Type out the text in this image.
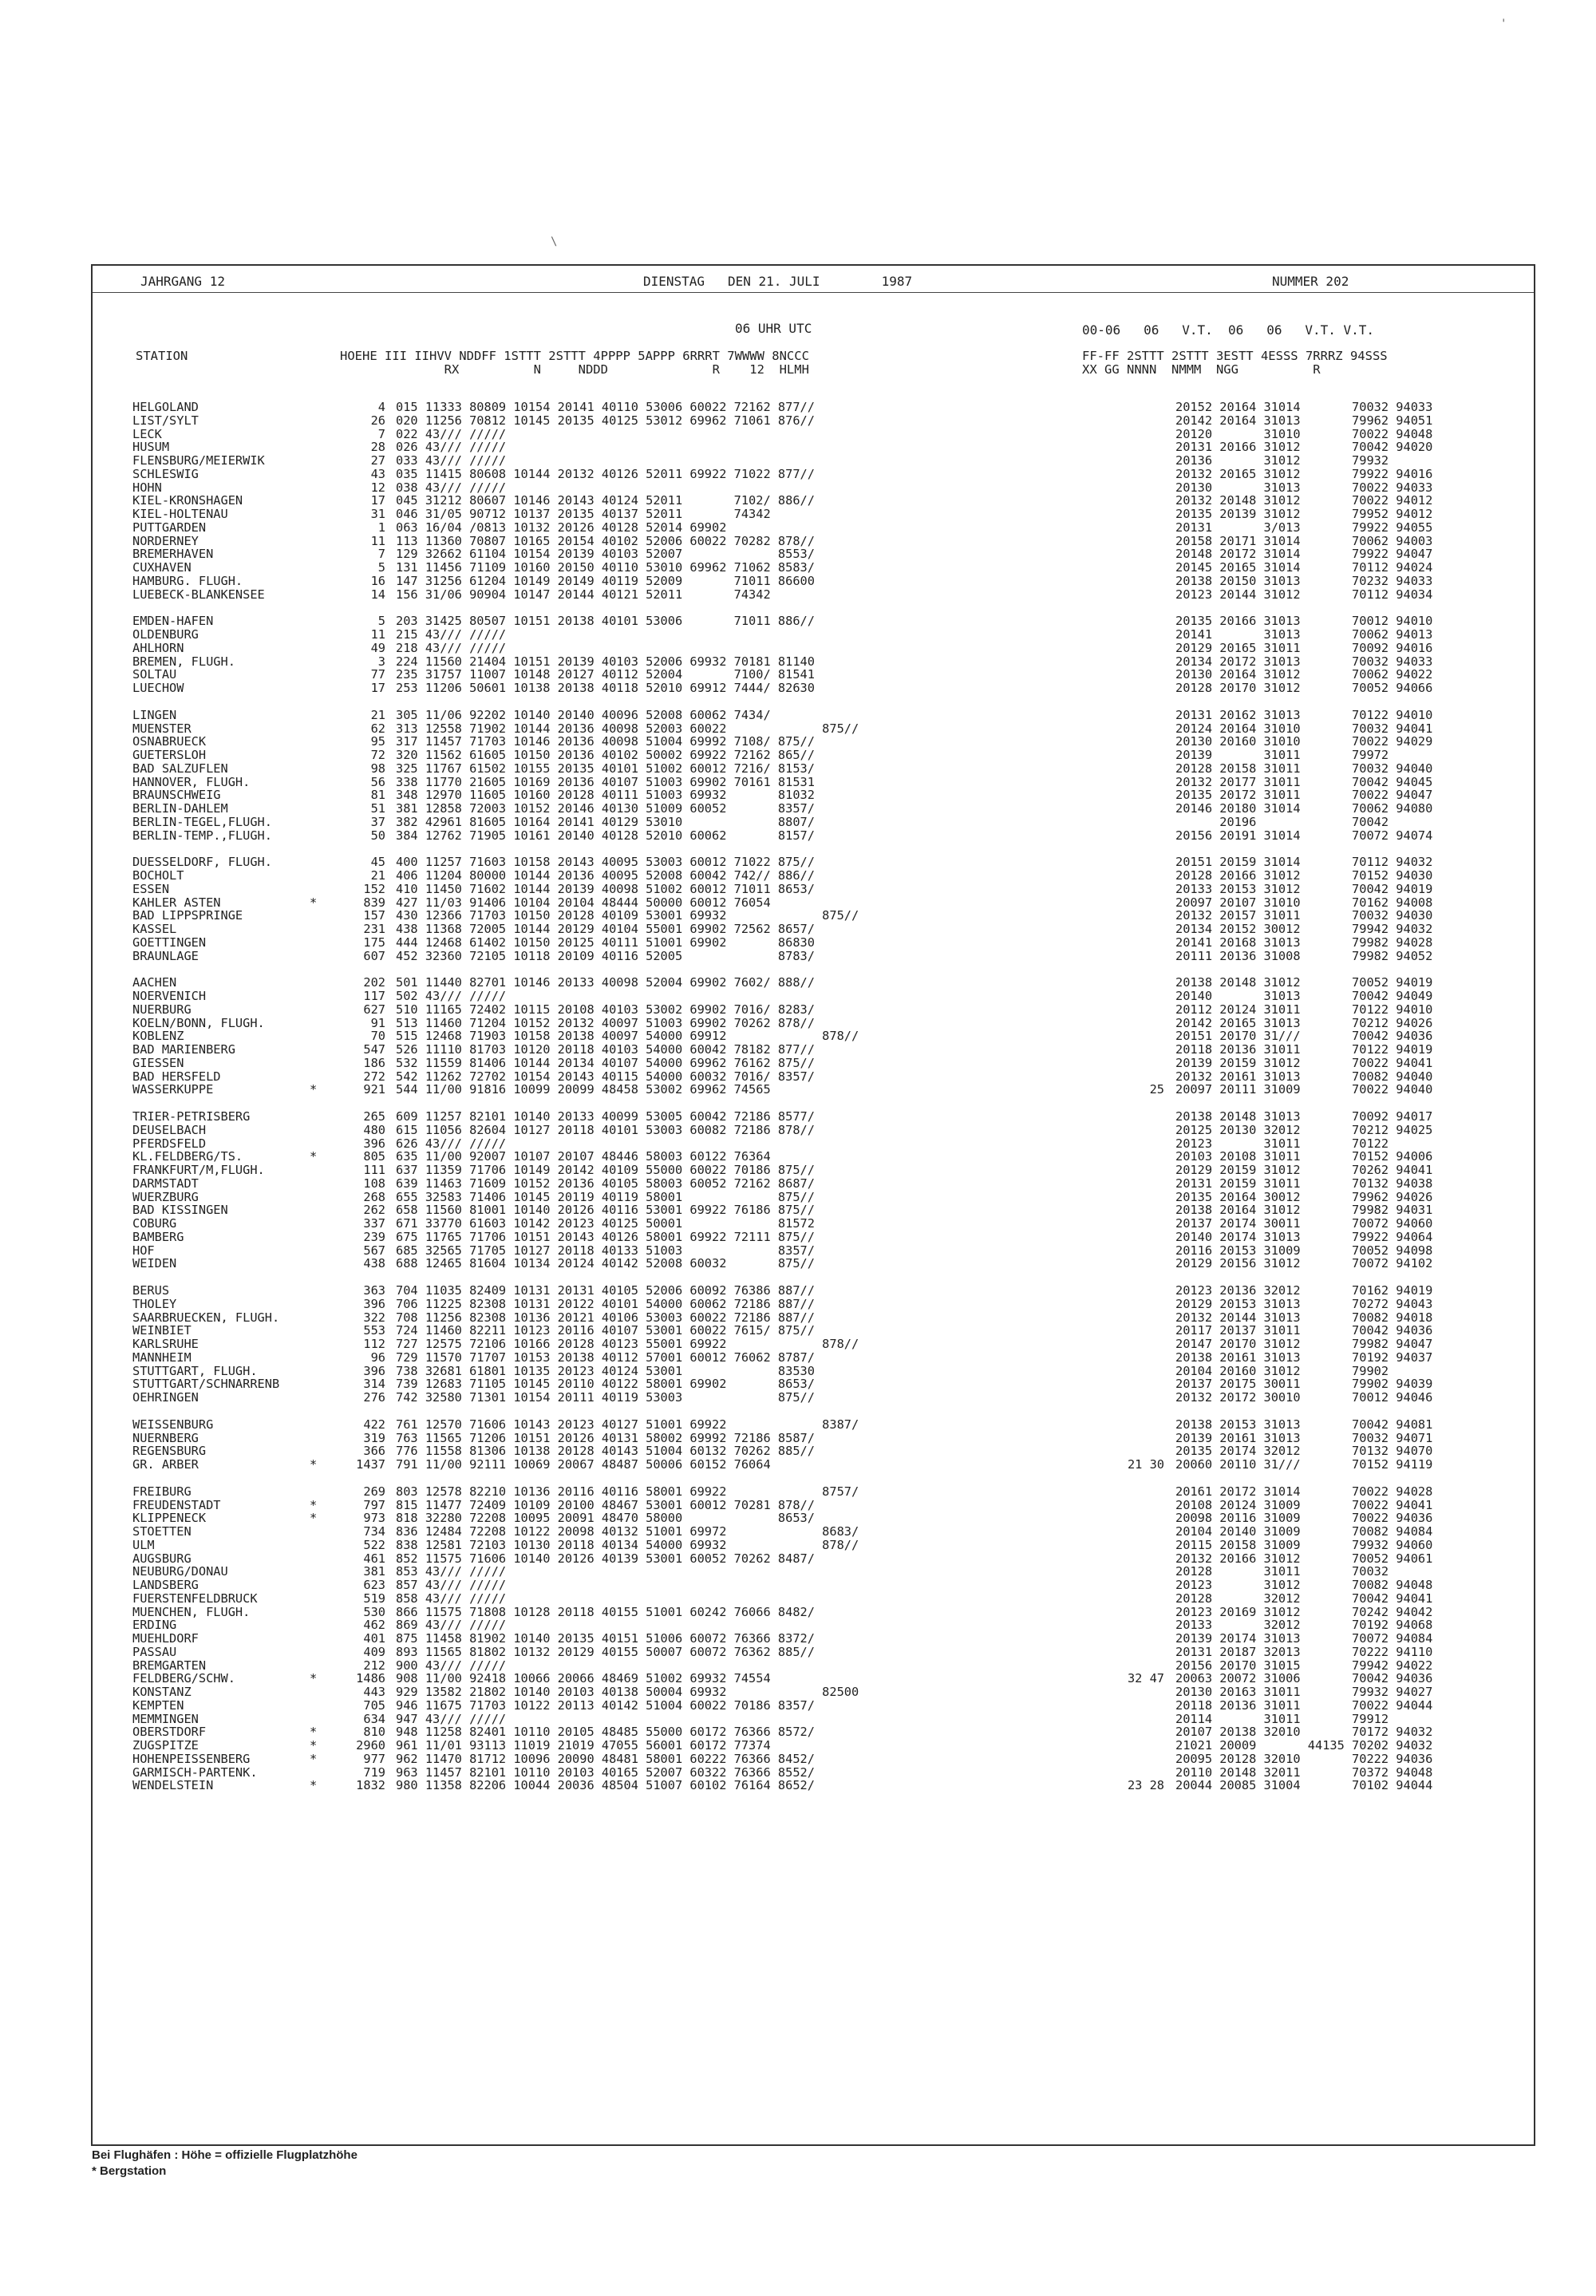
'
\
JAHRGANG 12	DIENSTAG   DEN 21. JULI        1987	NUMMER 202
06 UHR UTC	00-06   06   V.T.  06   06   V.T. V.T.
STATION	HOEHE III IIHVV NDDFF 1STTT 2STTT 4PPPP 5APPP 6RRRT 7WWWW 8NCCC
RX          N     NDDD              R    12  HLMH
FF-FF 2STTT 2STTT 3ESTT 4ESSS 7RRRZ 94SSS
XX GG NNNN  NMMM  NGG          R
HELGOLAND	4 015 11333 80809 10154 20141 40110 53006 60022 72162 877//	20152 20164 31014       70032 94033
LIST/SYLT	26 020 11256 70812 10145 20135 40125 53012 69962 71061 876//	20142 20164 31013       79962 94051
LECK	7 022 43/// /////	20120       31010       70022 94048
HUSUM	28 026 43/// /////	20131 20166 31012       70042 94020
FLENSBURG/MEIERWIK	27 033 43/// /////	20136       31012       79932
SCHLESWIG	43 035 11415 80608 10144 20132 40126 52011 69922 71022 877//	20132 20165 31012       79922 94016
HOHN	12 038 43/// /////	20130       31013       70022 94033
KIEL-KRONSHAGEN	17 045 31212 80607 10146 20143 40124 52011       7102/ 886//	20132 20148 31012       70022 94012
KIEL-HOLTENAU	31 046 31/05 90712 10137 20135 40137 52011       74342	20135 20139 31012       79952 94012
PUTTGARDEN	1 063 16/04 /0813 10132 20126 40128 52014 69902	20131       3/013       79922 94055
NORDERNEY	11 113 11360 70807 10165 20154 40102 52006 60022 70282 878//	20158 20171 31014       70062 94003
BREMERHAVEN	7 129 32662 61104 10154 20139 40103 52007             8553/	20148 20172 31014       79922 94047
CUXHAVEN	5 131 11456 71109 10160 20150 40110 53010 69962 71062 8583/	20145 20165 31014       70112 94024
HAMBURG. FLUGH.	16 147 31256 61204 10149 20149 40119 52009       71011 86600	20138 20150 31013       70232 94033
LUEBECK-BLANKENSEE	14 156 31/06 90904 10147 20144 40121 52011       74342	20123 20144 31012       70112 94034
EMDEN-HAFEN	5 203 31425 80507 10151 20138 40101 53006       71011 886//	20135 20166 31013       70012 94010
OLDENBURG	11 215 43/// /////	20141       31013       70062 94013
AHLHORN	49 218 43/// /////	20129 20165 31011       70092 94016
BREMEN, FLUGH.	3 224 11560 21404 10151 20139 40103 52006 69932 70181 81140	20134 20172 31013       70032 94033
SOLTAU	77 235 31757 11007 10148 20127 40112 52004       7100/ 81541	20130 20164 31012       70062 94022
LUECHOW	17 253 11206 50601 10138 20138 40118 52010 69912 7444/ 82630	20128 20170 31012       70052 94066
LINGEN	21 305 11/06 92202 10140 20140 40096 52008 60062 7434/	20131 20162 31013       70122 94010
MUENSTER	62 313 12558 71902 10144 20136 40098 52003 60022             875//	20124 20164 31010       70032 94041
OSNABRUECK	95 317 11457 71703 10146 20136 40098 51004 69992 7108/ 875//	20130 20160 31010       70022 94029
GUETERSLOH	72 320 11562 61605 10150 20136 40102 50002 69922 72162 865//	20139       31011       79972
BAD SALZUFLEN	98 325 11767 61502 10155 20135 40101 51002 60012 7216/ 8153/	20128 20158 31011       70032 94040
HANNOVER, FLUGH.	56 338 11770 21605 10169 20136 40107 51003 69902 70161 81531	20132 20177 31011       70042 94045
BRAUNSCHWEIG	81 348 12970 11605 10160 20128 40111 51003 69932       81032	20135 20172 31011       70022 94047
BERLIN-DAHLEM	51 381 12858 72003 10152 20146 40130 51009 60052       8357/	20146 20180 31014       70062 94080
BERLIN-TEGEL,FLUGH.	37 382 42961 81605 10164 20141 40129 53010             8807/	20196             70042
BERLIN-TEMP.,FLUGH.	50 384 12762 71905 10161 20140 40128 52010 60062       8157/	20156 20191 31014       70072 94074
DUESSELDORF, FLUGH.	45 400 11257 71603 10158 20143 40095 53003 60012 71022 875//	20151 20159 31014       70112 94032
BOCHOLT	21 406 11204 80000 10144 20136 40095 52008 60042 742// 886//	20128 20166 31012       70152 94030
ESSEN	152 410 11450 71602 10144 20139 40098 51002 60012 71011 8653/	20133 20153 31012       70042 94019
KAHLER ASTEN	*	839 427 11/03 91406 10104 20104 48444 50000 60012 76054	20097 20107 31010       70162 94008
BAD LIPPSPRINGE	157 430 12366 71703 10150 20128 40109 53001 69932             875//	20132 20157 31011       70032 94030
KASSEL	231 438 11368 72005 10144 20129 40104 55001 69902 72562 8657/	20134 20152 30012       79942 94032
GOETTINGEN	175 444 12468 61402 10150 20125 40111 51001 69902       86830	20141 20168 31013       79982 94028
BRAUNLAGE	607 452 32360 72105 10118 20109 40116 52005             8783/	20111 20136 31008       79982 94052
AACHEN	202 501 11440 82701 10146 20133 40098 52004 69902 7602/ 888//	20138 20148 31012       70052 94019
NOERVENICH	117 502 43/// /////	20140       31013       70042 94049
NUERBURG	627 510 11165 72402 10115 20108 40103 53002 69902 7016/ 8283/	20112 20124 31011       70122 94010
KOELN/BONN, FLUGH.	91 513 11460 71204 10152 20132 40097 51003 69902 70262 878//	20142 20165 31013       70212 94026
KOBLENZ	70 515 12468 71903 10158 20138 40097 54000 69912             878//	20151 20170 31///       70042 94036
BAD MARIENBERG	547 526 11110 81703 10120 20118 40103 54000 60042 78182 877//	20118 20136 31011       70122 94019
GIESSEN	186 532 11559 81406 10144 20134 40107 54000 69962 76162 875//	20139 20159 31012       70022 94041
BAD HERSFELD	272 542 11262 72702 10154 20143 40115 54000 60032 7016/ 8357/	20132 20161 31013       70082 94040
WASSERKUPPE	*	921 544 11/00 91816 10099 20099 48458 53002 69962 74565	25 20097 20111 31009       70022 94040
TRIER-PETRISBERG	265 609 11257 82101 10140 20133 40099 53005 60042 72186 8577/	20138 20148 31013       70092 94017
DEUSELBACH	480 615 11056 82604 10127 20118 40101 53003 60082 72186 878//	20125 20130 32012       70212 94025
PFERDSFELD	396 626 43/// /////	20123       31011       70122
KL.FELDBERG/TS.	*	805 635 11/00 92007 10107 20107 48446 58003 60122 76364	20103 20108 31011       70152 94006
FRANKFURT/M,FLUGH.	111 637 11359 71706 10149 20142 40109 55000 60022 70186 875//	20129 20159 31012       70262 94041
DARMSTADT	108 639 11463 71609 10152 20136 40105 58003 60052 72162 8687/	20131 20159 31011       70132 94038
WUERZBURG	268 655 32583 71406 10145 20119 40119 58001             875//	20135 20164 30012       79962 94026
BAD KISSINGEN	262 658 11560 81001 10140 20126 40116 53001 69922 76186 875//	20138 20164 31012       79982 94031
COBURG	337 671 33770 61603 10142 20123 40125 50001             81572	20137 20174 30011       70072 94060
BAMBERG	239 675 11765 71706 10151 20143 40126 58001 69922 72111 875//	20140 20174 31013       79922 94064
HOF	567 685 32565 71705 10127 20118 40133 51003             8357/	20116 20153 31009       70052 94098
WEIDEN	438 688 12465 81604 10134 20124 40142 52008 60032       875//	20129 20156 31012       70072 94102
BERUS	363 704 11035 82409 10131 20131 40105 52006 60092 76386 887//	20123 20136 32012       70162 94019
THOLEY	396 706 11225 82308 10131 20122 40101 54000 60062 72186 887//	20129 20153 31013       70272 94043
SAARBRUECKEN, FLUGH.	322 708 11256 82308 10136 20121 40106 53003 60022 72186 887//	20132 20144 31013       70082 94018
WEINBIET	553 724 11460 82211 10123 20116 40107 53001 60022 7615/ 875//	20117 20137 31011       70042 94036
KARLSRUHE	112 727 12575 72106 10166 20128 40123 55001 69922             878//	20147 20170 31012       79982 94047
MANNHEIM	96 729 11570 71707 10153 20138 40112 57001 60012 76062 8787/	20138 20161 31013       70192 94037
STUTTGART, FLUGH.	396 738 32681 61801 10135 20123 40124 53001             83530	20104 20160 31012       79902
STUTTGART/SCHNARRENB	314 739 12683 71105 10145 20110 40122 58001 69902       8653/	20137 20175 30011       79902 94039
OEHRINGEN	276 742 32580 71301 10154 20111 40119 53003             875//	20132 20172 30010       70012 94046
WEISSENBURG	422 761 12570 71606 10143 20123 40127 51001 69922             8387/	20138 20153 31013       70042 94081
NUERNBERG	319 763 11565 71206 10151 20126 40131 58002 69992 72186 8587/	20139 20161 31013       70032 94071
REGENSBURG	366 776 11558 81306 10138 20128 40143 51004 60132 70262 885//	20135 20174 32012       70132 94070
GR. ARBER	*	1437 791 11/00 92111 10069 20067 48487 50006 60152 76064	21 30 20060 20110 31///       70152 94119
FREIBURG	269 803 12578 82210 10136 20116 40116 58001 69922             8757/	20161 20172 31014       70022 94028
FREUDENSTADT	*	797 815 11477 72409 10109 20100 48467 53001 60012 70281 878//	20108 20124 31009       70022 94041
KLIPPENECK	*	973 818 32280 72208 10095 20091 48470 58000             8653/	20098 20116 31009       70022 94036
STOETTEN	734 836 12484 72208 10122 20098 40132 51001 69972             8683/	20104 20140 31009       70082 94084
ULM	522 838 12581 72103 10130 20118 40134 54000 69932             878//	20115 20158 31009       79932 94060
AUGSBURG	461 852 11575 71606 10140 20126 40139 53001 60052 70262 8487/	20132 20166 31012       70052 94061
NEUBURG/DONAU	381 853 43/// /////	20128       31011       70032
LANDSBERG	623 857 43/// /////	20123       31012       70082 94048
FUERSTENFELDBRUCK	519 858 43/// /////	20128       32012       70042 94041
MUENCHEN, FLUGH.	530 866 11575 71808 10128 20118 40155 51001 60242 76066 8482/	20123 20169 31012       70242 94042
ERDING	462 869 43/// /////	20133       32012       70192 94068
MUEHLDORF	401 875 11458 81902 10140 20135 40151 51006 60072 76366 8372/	20139 20174 31013       70072 94084
PASSAU	409 893 11565 81802 10132 20129 40155 50007 60072 76362 885//	20131 20187 32013       70222 94110
BREMGARTEN	212 900 43/// /////	20156 20170 31015       79942 94022
FELDBERG/SCHW.	*	1486 908 11/00 92418 10066 20066 48469 51002 69932 74554	32 47 20063 20072 31006       70042 94036
KONSTANZ	443 929 13582 21802 10140 20103 40138 50004 69932             82500	20130 20163 31011       79932 94027
KEMPTEN	705 946 11675 71703 10122 20113 40142 51004 60022 70186 8357/	20118 20136 31011       70022 94044
MEMMINGEN	634 947 43/// /////	20114       31011       79912
OBERSTDORF	*	810 948 11258 82401 10110 20105 48485 55000 60172 76366 8572/	20107 20138 32010       70172 94032
ZUGSPITZE	*	2960 961 11/01 93113 11019 21019 47055 56001 60172 77374	21021 20009       44135 70202 94032
HOHENPEISSENBERG	*	977 962 11470 81712 10096 20090 48481 58001 60222 76366 8452/	20095 20128 32010       70222 94036
GARMISCH-PARTENK.	719 963 11457 82101 10110 20103 40165 52007 60322 76366 8552/	20110 20148 32011       70372 94048
WENDELSTEIN	*	1832 980 11358 82206 10044 20036 48504 51007 60102 76164 8652/	23 28 20044 20085 31004       70102 94044
Bei Flughäfen : Höhe = offizielle Flugplatzhöhe
* Bergstation
